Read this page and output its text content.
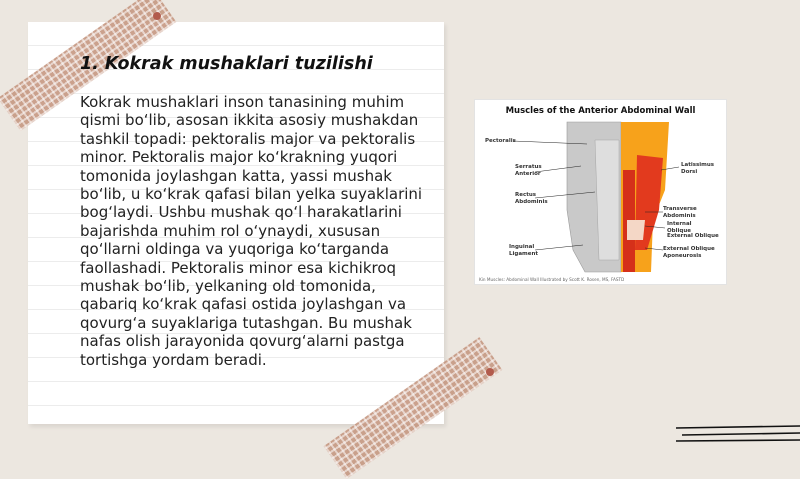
1. Kokrak mushaklari tuzilishi

Kokrak mushaklari inson tanasining muhim qismi bo‘lib, asosan ikkita asosiy mushakdan tashkil topadi: pektoralis major va pektoralis minor. Pektoralis major ko‘krakning yuqori tomonida joylashgan katta, yassi mushak bo‘lib, u ko‘krak qafasi bilan yelka suyaklarini bog‘laydi. Ushbu mushak qo‘l harakatlarini bajarishda muhim rol o‘ynaydi, xususan qo‘llarni oldinga va yuqoriga ko‘targanda faollashadi. Pektoralis minor esa kichikroq mushak bo‘lib, yelkaning old tomonida, qabariq ko‘krak qafasi ostida joylashgan va qovurg‘a suyaklariga tutashgan. Bu mushak nafas olish jarayonida qovurg‘alarni pastga tortishga yordam beradi.

Muscles of the Anterior Abdominal Wall
Pectoralis
Serratus
Anterior
Rectus
Abdominis
Inguinal
Ligament
Latissimus
Dorsi
Transverse
Abdominis
Internal
Oblique
External Oblique
External Oblique
Aponeurosis
Kin Muscles: Abdominal Wall Illustrated by Scott K. Rosen, MS, FASTD
